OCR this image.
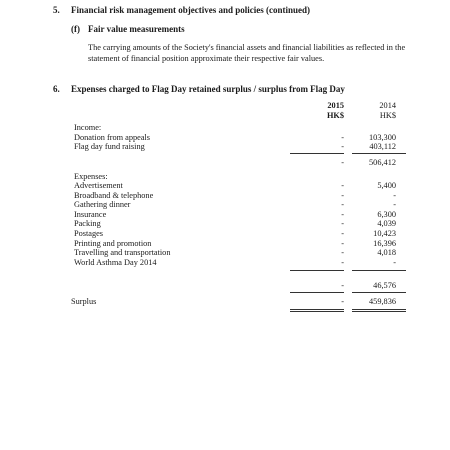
5. Financial risk management objectives and policies (continued)
(f) Fair value measurements
The carrying amounts of the Society's financial assets and financial liabilities as reflected in the statement of financial position approximate their respective fair values.
6. Expenses charged to Flag Day retained surplus / surplus from Flag Day
2015	2014
HK$	HK$
Income:
Donation from appeals	-	103,300
Flag day fund raising	-	403,112
-	506,412
Expenses:
Advertisement	-	5,400
Broadband & telephone	-	-
Gathering dinner	-	-
Insurance	-	6,300
Packing	-	4,039
Postages	-	10,423
Printing and promotion	-	16,396
Travelling and transportation	-	4,018
World Asthma Day 2014	-	-
-	46,576
Surplus	-	459,836
